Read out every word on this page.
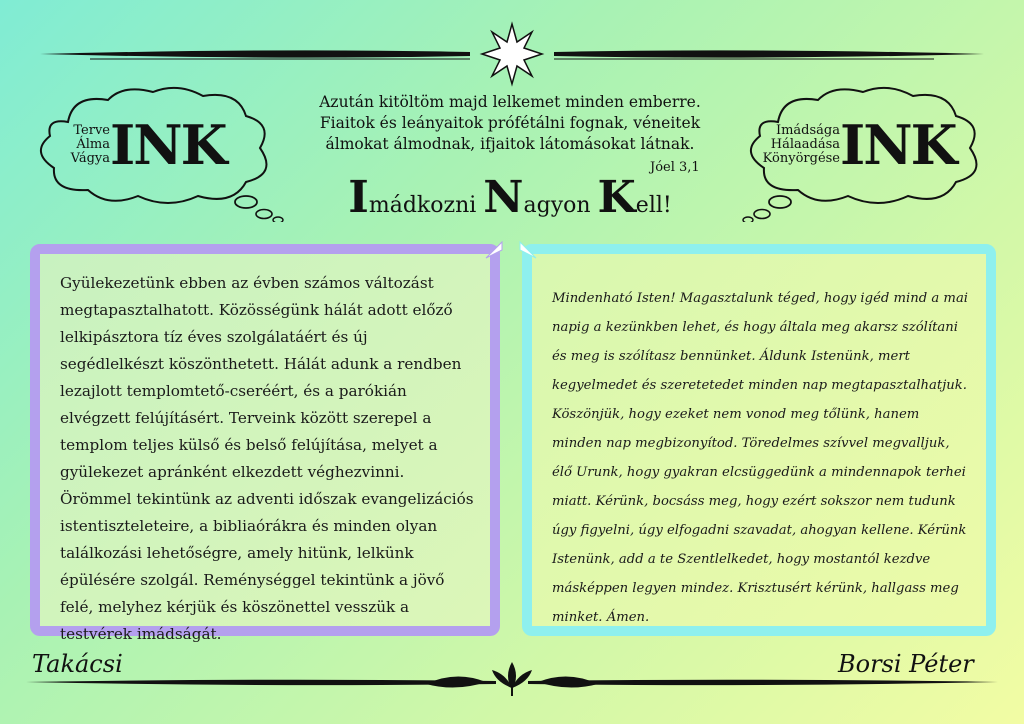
Terve
Álma
Vágya INK	Imádsága
Hálaadása
Könyörgése INK
Azután kitöltöm majd lelkemet minden emberre.
Fiaitok és leányaitok prófétálni fognak, véneitek
álmokat álmodnak, ifjaitok látomásokat látnak.
Jóel 3,1
Imádkozni Nagyon Kell!
Gyülekezetünk ebben az évben számos változást megtapasztalhatott. Közösségünk hálát adott előző lelkipásztora tíz éves szolgálatáért és új segédlelkészt köszönthetett. Hálát adunk a rendben lezajlott templomtető-cseréért, és a parókián elvégzett felújításért. Terveink között szerepel a templom teljes külső és belső felújítása, melyet a gyülekezet apránként elkezdett véghezvinni. Örömmel tekintünk az adventi időszak evangelizációs istentiszteleteire, a bibliaórákra és minden olyan találkozási lehetőségre, amely hitünk, lelkünk épülésére szolgál. Reménységgel tekintünk a jövő felé, melyhez kérjük és köszönettel vesszük a testvérek imádságát.
Mindenható Isten! Magasztalunk téged, hogy igéd mind a mai napig a kezünkben lehet, és hogy általa meg akarsz szólítani és meg is szólítasz bennünket. Áldunk Istenünk, mert kegyelmedet és szeretetedet minden nap megtapasztalhatjuk. Köszönjük, hogy ezeket nem vonod meg tőlünk, hanem minden nap megbizonyítod. Töredelmes szívvel megvalljuk, élő Urunk, hogy gyakran elcsüggedünk a mindennapok terhei miatt. Kérünk, bocsáss meg, hogy ezért sokszor nem tudunk úgy figyelni, úgy elfogadni szavadat, ahogyan kellene. Kérünk Istenünk, add a te Szentlelkedet, hogy mostantól kezdve másképpen legyen mindez. Krisztusért kérünk, hallgass meg minket. Ámen.
Takácsi	Borsi Péter
